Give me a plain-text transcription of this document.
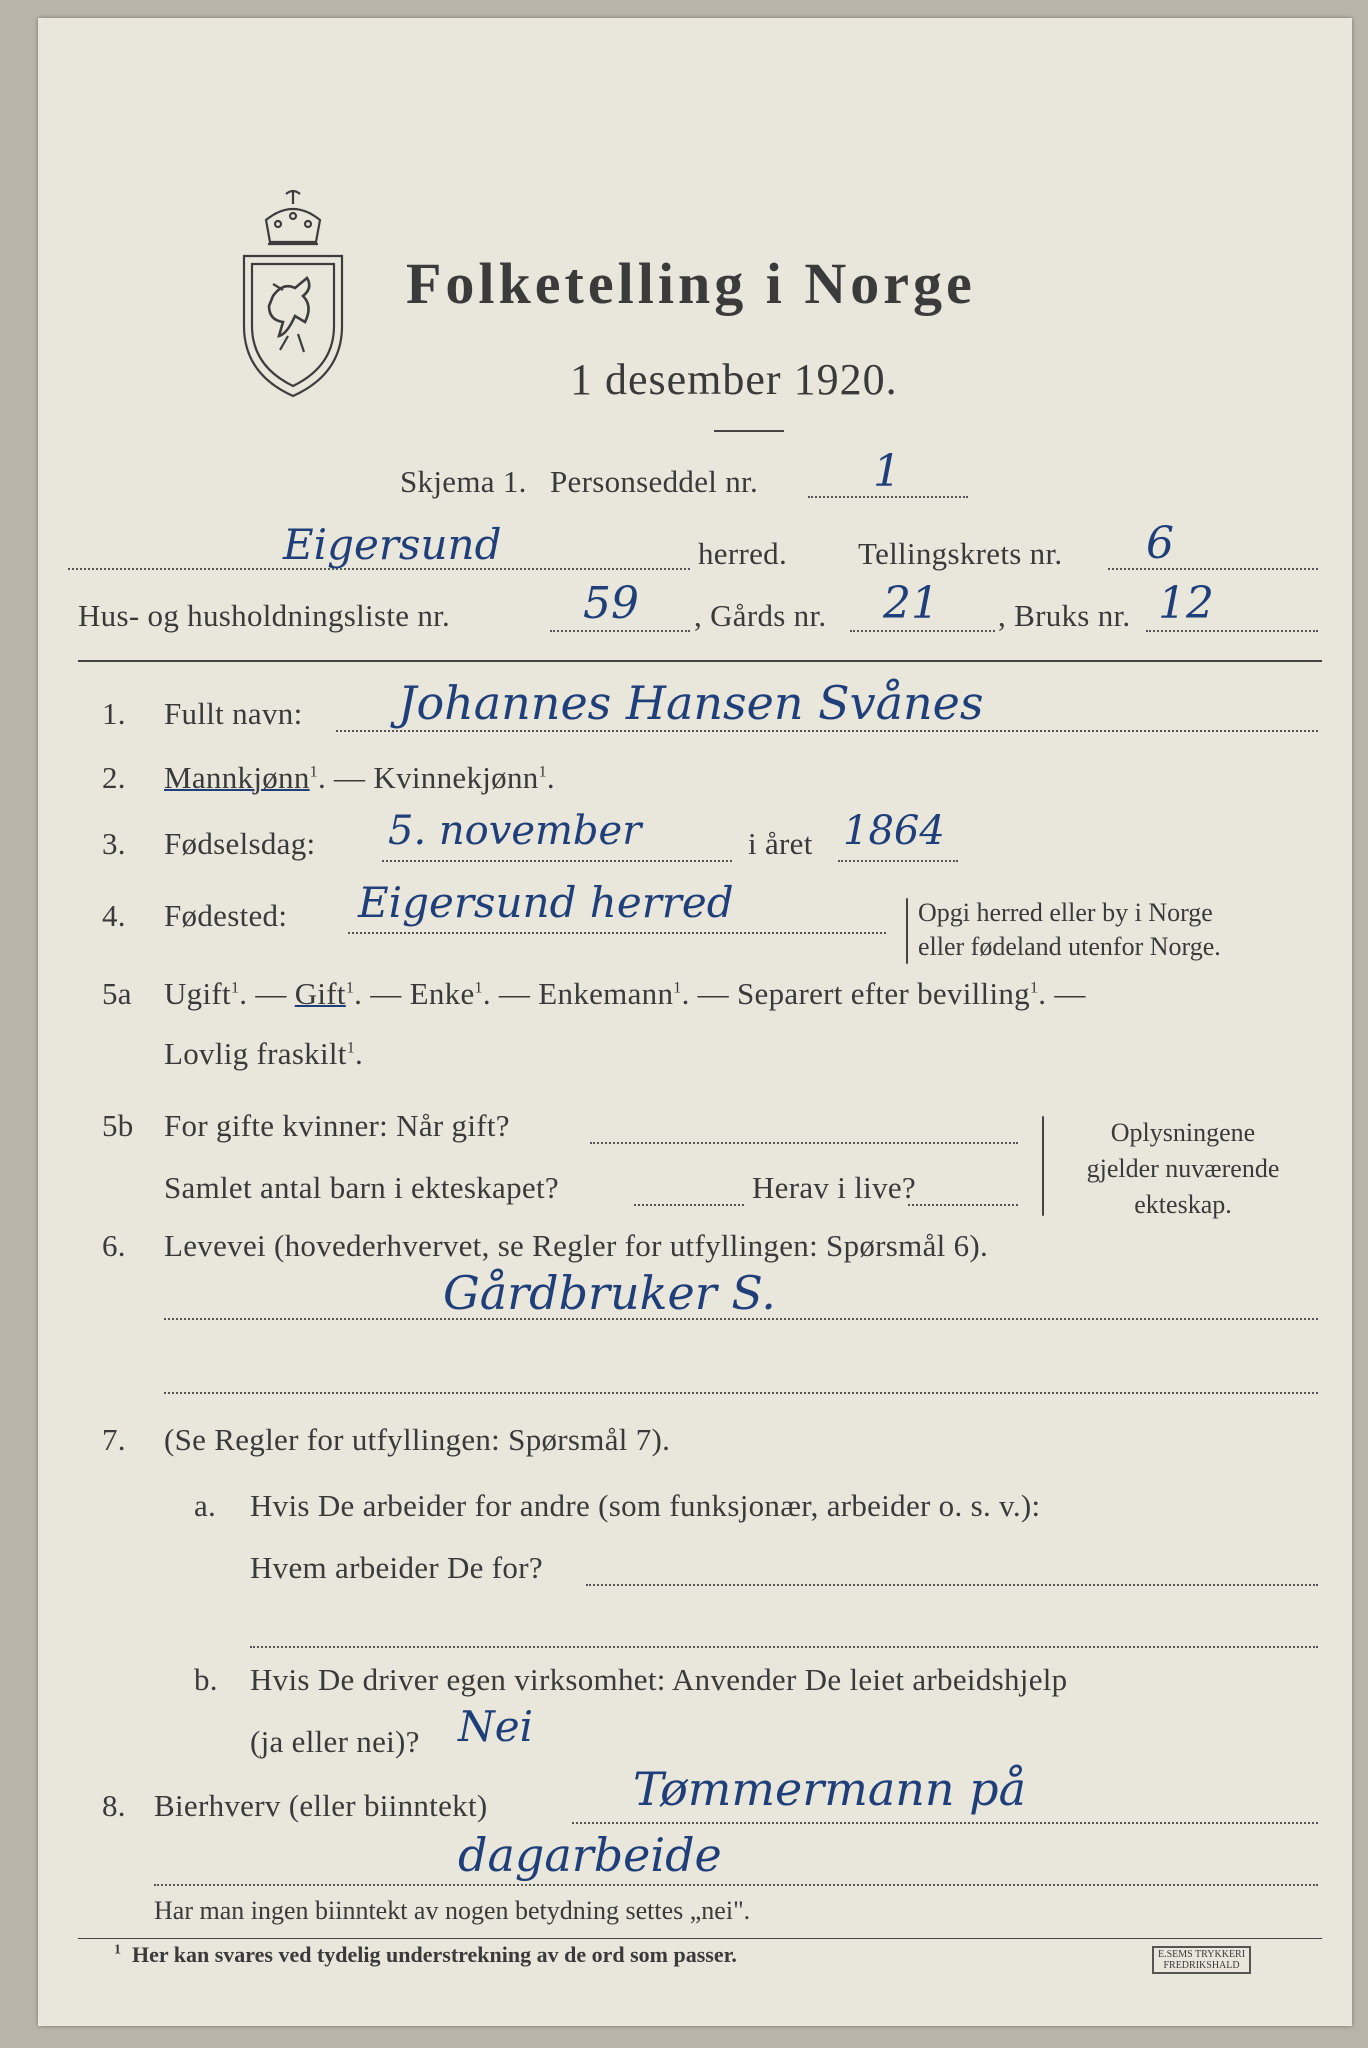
Folketelling i Norge
1 desember 1920.
Skjema 1. Personseddel nr.	1
Eigersund	herred. Tellingskrets nr. 6
Hus- og husholdningsliste nr.	59 , Gårds nr. 21 , Bruks nr. 12
1. Fullt navn: Johannes Hansen Svånes
2. Mannkjønn$^1$. — Kvinnekjønn$^1$.
3. Fødselsdag: 5. november	i året 1864
4. Fødested: Eigersund herred	Opgi herred eller by i Norge
eller fødeland utenfor Norge.
5a Ugift$^1$. — Gift$^1$. — Enke$^1$. — Enkemann$^1$. — Separert efter bevilling$^1$. —
Lovlig fraskilt$^1$.
5b For gifte kvinner: Når gift?
Samlet antal barn i ekteskapet?	Herav i live?
Oplysningene
gjelder nuværende
ekteskap.
6. Levevei (hovederhvervet, se Regler for utfyllingen: Spørsmål 6).
Gårdbruker S.
7. (Se Regler for utfyllingen: Spørsmål 7).
a. Hvis De arbeider for andre (som funksjonær, arbeider o. s. v.):
Hvem arbeider De for?
b. Hvis De driver egen virksomhet: Anvender De leiet arbeidshjelp
(ja eller nei)? Nei
8. Bierhverv (eller biinntekt)	Tømmermann på
dagarbeide
Har man ingen biinntekt av nogen betydning settes „nei".
$^1$ Her kan svares ved tydelig understrekning av de ord som passer.	E.SEMS TRYKKERI
FREDRIKSHALD
